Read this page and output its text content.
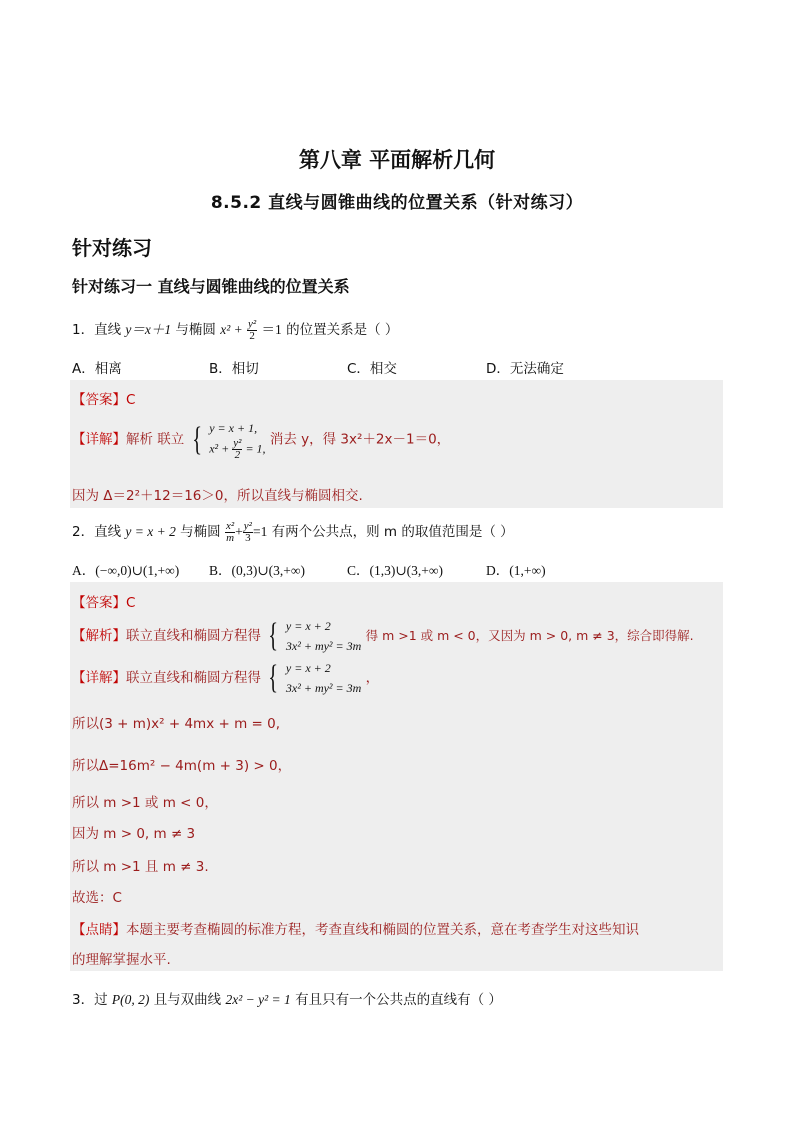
第八章 平面解析几何
8.5.2 直线与圆锥曲线的位置关系（针对练习）
针对练习
针对练习一 直线与圆锥曲线的位置关系
1．直线 y＝x＋1 与椭圆 $x^2 + \frac{\text{y²}}{2} =1$ 的位置关系是（ ）
A．相离	B．相切	C．相交	D．无法确定
【答案】C
【详解】解析 联立 { y = x + 1,
$x^2 + \frac{\text{y²}}{2} = 1$,
消去 y，得 3x²＋2x－1＝0，
因为 Δ＝2²＋12＝16＞0，所以直线与椭圆相交.
2．直线 y = x + 2 与椭圆 $\frac{\text{x²}}{m} + \frac{\text{y²}}{3} =1$ 有两个公共点，则 m 的取值范围是（ ）
A．(−∞,0)∪(1,+∞) B．(0,3)∪(3,+∞)	C．(1,3)∪(3,+∞)	D．(1,+∞)
【答案】C
【解析】联立直线和椭圆方程得 { y = x + 2
3x² + my² = 3m
得 m >1 或 m < 0，又因为 m > 0, m ≠ 3，综合即得解.
【详解】联立直线和椭圆方程得 { y = x + 2
3x² + my² = 3m
，
所以(3 + m)x² + 4mx + m = 0,
所以Δ=16m² − 4m(m + 3) > 0，
所以 m >1 或 m < 0，
因为 m > 0, m ≠ 3
所以 m >1 且 m ≠ 3.
故选：C
【点睛】本题主要考查椭圆的标准方程，考查直线和椭圆的位置关系，意在考查学生对这些知识
的理解掌握水平.
3．过 P(0, 2) 且与双曲线 2x² − y² = 1 有且只有一个公共点的直线有（ ）
